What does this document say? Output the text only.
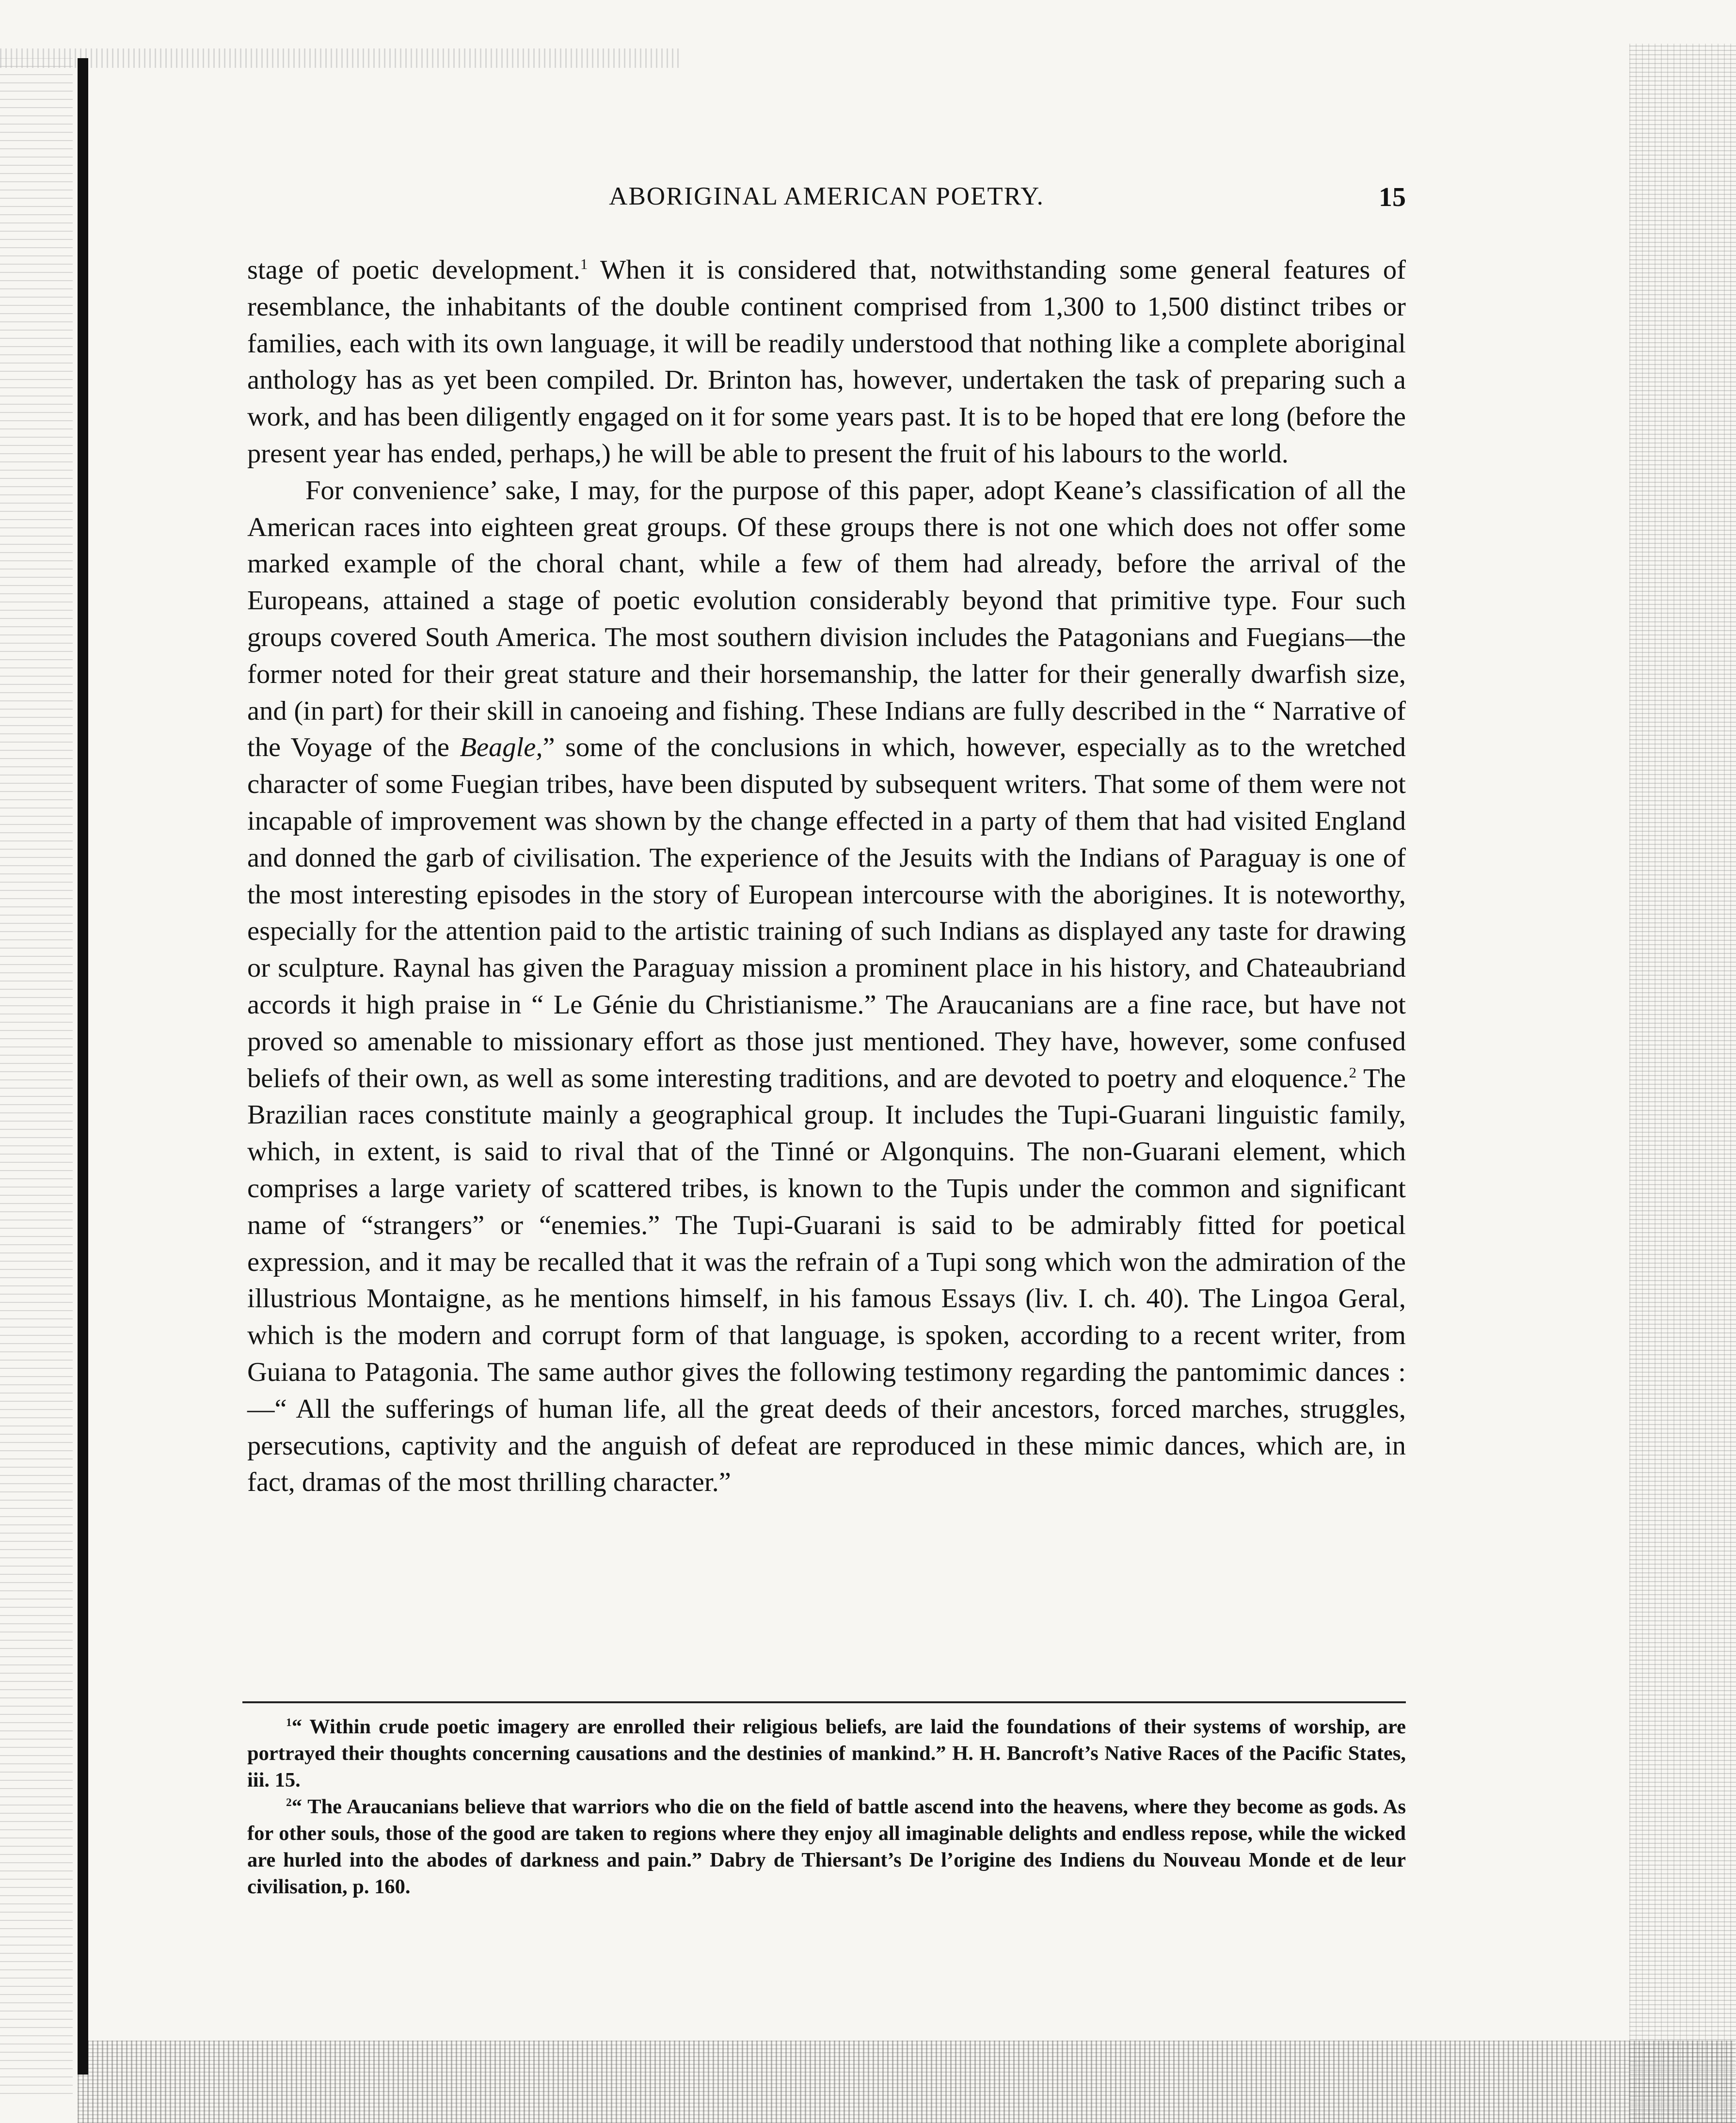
ABORIGINAL AMERICAN POETRY.	15

stage of poetic development.$^1$ When it is considered that, notwithstanding some general features of resemblance, the inhabitants of the double continent comprised from 1,300 to 1,500 distinct tribes or families, each with its own language, it will be readily understood that nothing like a complete aboriginal anthology has as yet been compiled. Dr. Brinton has, however, undertaken the task of preparing such a work, and has been diligently engaged on it for some years past. It is to be hoped that ere long (before the present year has ended, perhaps,) he will be able to present the fruit of his labours to the world.

For convenience’ sake, I may, for the purpose of this paper, adopt Keane’s classification of all the American races into eighteen great groups. Of these groups there is not one which does not offer some marked example of the choral chant, while a few of them had already, before the arrival of the Europeans, attained a stage of poetic evolution considerably beyond that primitive type. Four such groups covered South America. The most southern division includes the Patagonians and Fuegians—the former noted for their great stature and their horsemanship, the latter for their generally dwarfish size, and (in part) for their skill in canoeing and fishing. These Indians are fully described in the “ Narrative of the Voyage of the Beagle,” some of the conclusions in which, however, especially as to the wretched character of some Fuegian tribes, have been disputed by subsequent writers. That some of them were not incapable of improvement was shown by the change effected in a party of them that had visited England and donned the garb of civilisation. The experience of the Jesuits with the Indians of Paraguay is one of the most interesting episodes in the story of European intercourse with the aborigines. It is noteworthy, especially for the attention paid to the artistic training of such Indians as displayed any taste for drawing or sculpture. Raynal has given the Paraguay mission a prominent place in his history, and Chateaubriand accords it high praise in “ Le Génie du Christianisme.” The Araucanians are a fine race, but have not proved so amenable to missionary effort as those just mentioned. They have, however, some confused beliefs of their own, as well as some interesting traditions, and are devoted to poetry and eloquence.$^2$ The Brazilian races constitute mainly a geographical group. It includes the Tupi-Guarani linguistic family, which, in extent, is said to rival that of the Tinné or Algonquins. The non-Guarani element, which comprises a large variety of scattered tribes, is known to the Tupis under the common and significant name of “strangers” or “enemies.” The Tupi-Guarani is said to be admirably fitted for poetical expression, and it may be recalled that it was the refrain of a Tupi song which won the admiration of the illustrious Montaigne, as he mentions himself, in his famous Essays (liv. I. ch. 40). The Lingoa Geral, which is the modern and corrupt form of that language, is spoken, according to a recent writer, from Guiana to Patagonia. The same author gives the following testimony regarding the pantomimic dances :—“ All the sufferings of human life, all the great deeds of their ancestors, forced marches, struggles, persecutions, captivity and the anguish of defeat are reproduced in these mimic dances, which are, in fact, dramas of the most thrilling character.”

$^1$“ Within crude poetic imagery are enrolled their religious beliefs, are laid the foundations of their systems of worship, are portrayed their thoughts concerning causations and the destinies of mankind.” H. H. Bancroft’s Native Races of the Pacific States, iii. 15.

$^2$“ The Araucanians believe that warriors who die on the field of battle ascend into the heavens, where they become as gods. As for other souls, those of the good are taken to regions where they enjoy all imaginable delights and endless repose, while the wicked are hurled into the abodes of darkness and pain.” Dabry de Thiersant’s De l’origine des Indiens du Nouveau Monde et de leur civilisation, p. 160.
